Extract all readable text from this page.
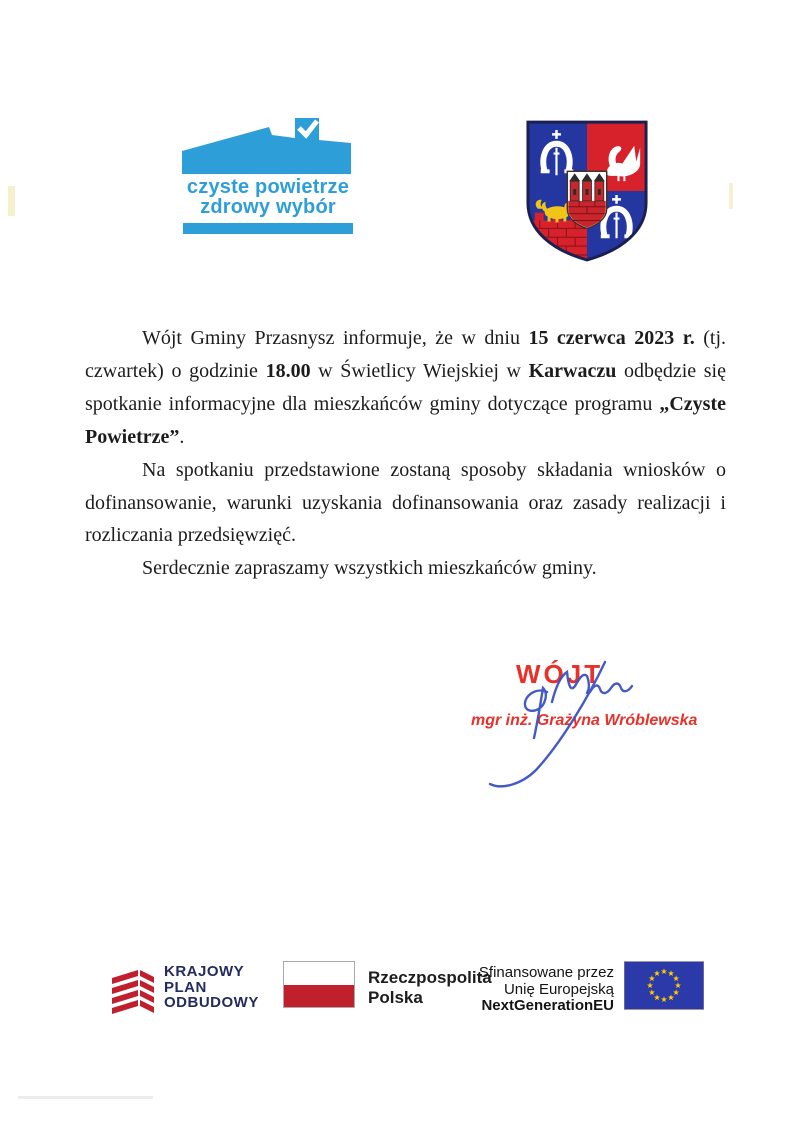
czyste powietrze
zdrowy wybór

Wójt Gminy Przasnysz informuje, że w dniu 15 czerwca 2023 r. (tj. czwartek) o godzinie 18.00 w Świetlicy Wiejskiej w Karwaczu odbędzie się spotkanie informacyjne dla mieszkańców gminy dotyczące programu „Czyste Powietrze”.

Na spotkaniu przedstawione zostaną sposoby składania wniosków o dofinansowanie, warunki uzyskania dofinansowania oraz zasady realizacji i rozliczania przedsięwzięć.

Serdecznie zapraszamy wszystkich mieszkańców gminy.

WÓJT
mgr inż. Grażyna Wróblewska
KRAJOWY
PLAN
ODBUDOWY
Rzeczpospolita
Polska
Sfinansowane przez
Unię Europejską
NextGenerationEU
